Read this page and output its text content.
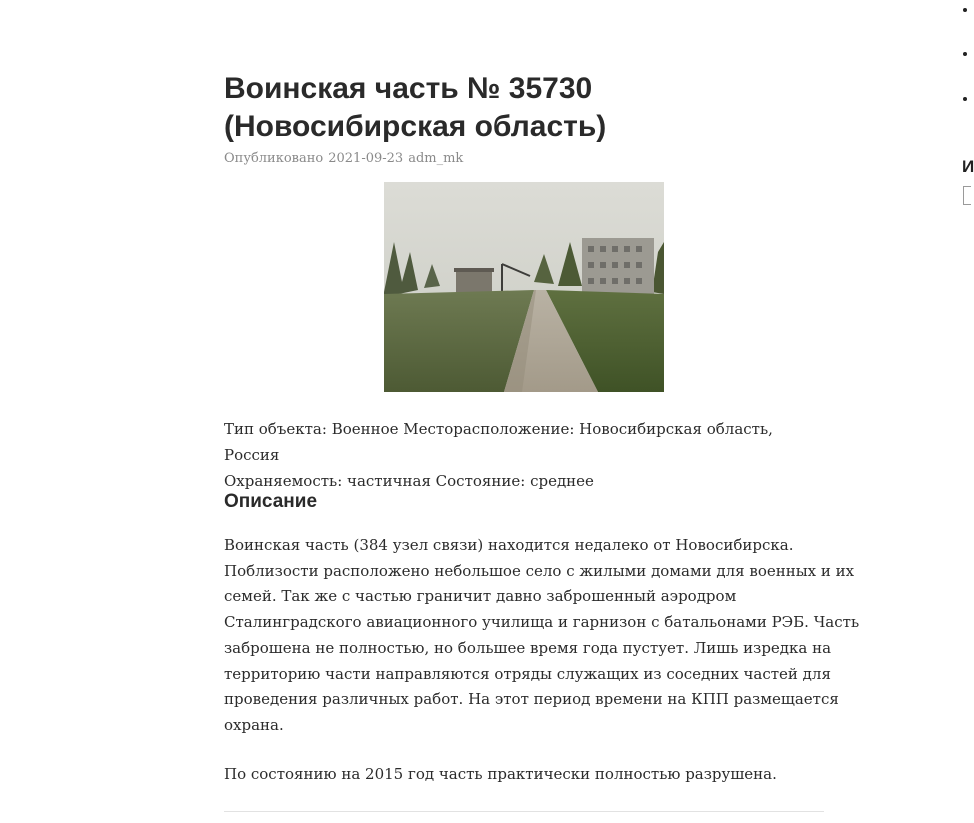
Воинская часть № 35730
(Новосибирская область)
Опубликовано 2021-09-23 adm_mk
Тип объекта: Военное Месторасположение: Новосибирская область, Россия
Охраняемость: частичная Состояние: среднее
Описание
Воинская часть (384 узел связи) находится недалеко от Новосибирска.
Поблизости расположено небольшое село с жилыми домами для военных и их
семей. Так же с частью граничит давно заброшенный аэродром
Сталинградского авиационного училища и гарнизон с батальонами РЭБ. Часть
заброшена не полностью, но большее время года пустует. Лишь изредка на
территорию части направляются отряды служащих из соседних частей для
проведения различных работ. На этот период времени на КПП размещается
охрана.
По состоянию на 2015 год часть практически полностью разрушена.
И
